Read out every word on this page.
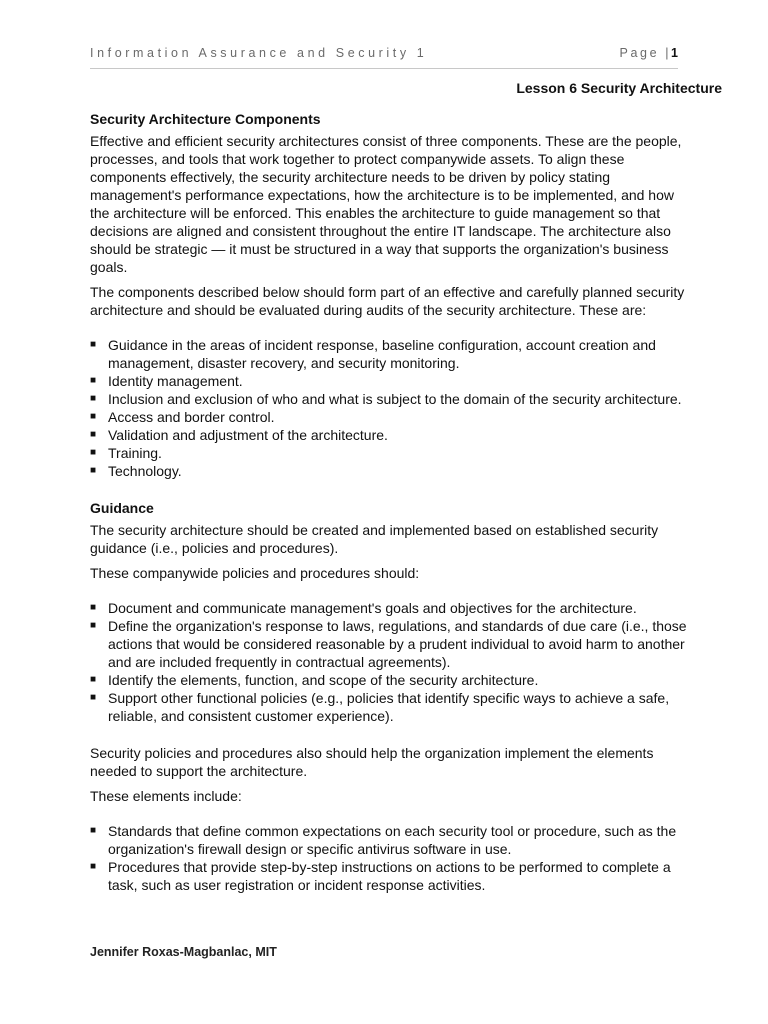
Information Assurance and Security 1	Page |1
Lesson 6 Security Architecture
Security Architecture Components

Effective and efficient security architectures consist of three components. These are the people, processes, and tools that work together to protect companywide assets. To align these components effectively, the security architecture needs to be driven by policy stating management's performance expectations, how the architecture is to be implemented, and how the architecture will be enforced. This enables the architecture to guide management so that decisions are aligned and consistent throughout the entire IT landscape. The architecture also should be strategic — it must be structured in a way that supports the organization's business goals.

The components described below should form part of an effective and carefully planned security architecture and should be evaluated during audits of the security architecture. These are:

■ Guidance in the areas of incident response, baseline configuration, account creation and management, disaster recovery, and security monitoring.
■ Identity management.
■ Inclusion and exclusion of who and what is subject to the domain of the security architecture.
■ Access and border control.
■ Validation and adjustment of the architecture.
■ Training.
■ Technology.
Guidance

The security architecture should be created and implemented based on established security guidance (i.e., policies and procedures).

These companywide policies and procedures should:

■ Document and communicate management's goals and objectives for the architecture.
■ Define the organization's response to laws, regulations, and standards of due care (i.e., those actions that would be considered reasonable by a prudent individual to avoid harm to another and are included frequently in contractual agreements).
■ Identify the elements, function, and scope of the security architecture.
■ Support other functional policies (e.g., policies that identify specific ways to achieve a safe, reliable, and consistent customer experience).

Security policies and procedures also should help the organization implement the elements needed to support the architecture.

These elements include:

■ Standards that define common expectations on each security tool or procedure, such as the organization's firewall design or specific antivirus software in use.
■ Procedures that provide step-by-step instructions on actions to be performed to complete a task, such as user registration or incident response activities.
Jennifer Roxas-Magbanlac, MIT
